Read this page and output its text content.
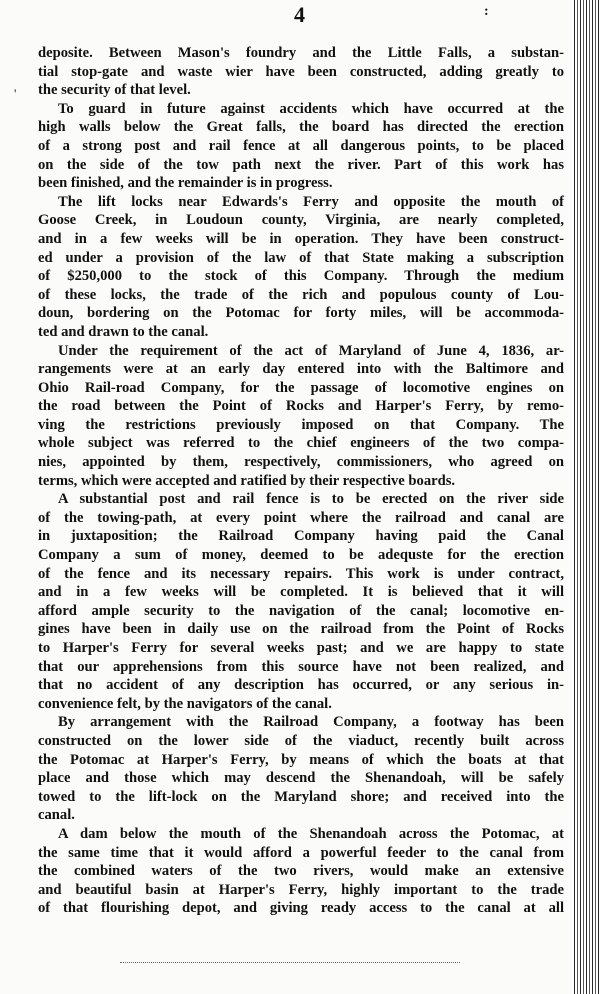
4	:
'
deposite. Between Mason's foundry and the Little Falls, a substan-
tial stop-gate and waste wier have been constructed, adding greatly to
the security of that level.
To guard in future against accidents which have occurred at the
high walls below the Great falls, the board has directed the erection
of a strong post and rail fence at all dangerous points, to be placed
on the side of the tow path next the river. Part of this work has
been finished, and the remainder is in progress.
The lift locks near Edwards's Ferry and opposite the mouth of
Goose Creek, in Loudoun county, Virginia, are nearly completed,
and in a few weeks will be in operation. They have been construct-
ed under a provision of the law of that State making a subscription
of $250,000 to the stock of this Company. Through the medium
of these locks, the trade of the rich and populous county of Lou-
doun, bordering on the Potomac for forty miles, will be accommoda-
ted and drawn to the canal.
Under the requirement of the act of Maryland of June 4, 1836, ar-
rangements were at an early day entered into with the Baltimore and
Ohio Rail-road Company, for the passage of locomotive engines on
the road between the Point of Rocks and Harper's Ferry, by remo-
ving the restrictions previously imposed on that Company. The
whole subject was referred to the chief engineers of the two compa-
nies, appointed by them, respectively, commissioners, who agreed on
terms, which were accepted and ratified by their respective boards.
A substantial post and rail fence is to be erected on the river side
of the towing-path, at every point where the railroad and canal are
in juxtaposition; the Railroad Company having paid the Canal
Company a sum of money, deemed to be adequste for the erection
of the fence and its necessary repairs. This work is under contract,
and in a few weeks will be completed. It is believed that it will
afford ample security to the navigation of the canal; locomotive en-
gines have been in daily use on the railroad from the Point of Rocks
to Harper's Ferry for several weeks past; and we are happy to state
that our apprehensions from this source have not been realized, and
that no accident of any description has occurred, or any serious in-
convenience felt, by the navigators of the canal.
By arrangement with the Railroad Company, a footway has been
constructed on the lower side of the viaduct, recently built across
the Potomac at Harper's Ferry, by means of which the boats at that
place and those which may descend the Shenandoah, will be safely
towed to the lift-lock on the Maryland shore; and received into the
canal.
A dam below the mouth of the Shenandoah across the Potomac, at
the same time that it would afford a powerful feeder to the canal from
the combined waters of the two rivers, would make an extensive
and beautiful basin at Harper's Ferry, highly important to the trade
of that flourishing depot, and giving ready access to the canal at all
